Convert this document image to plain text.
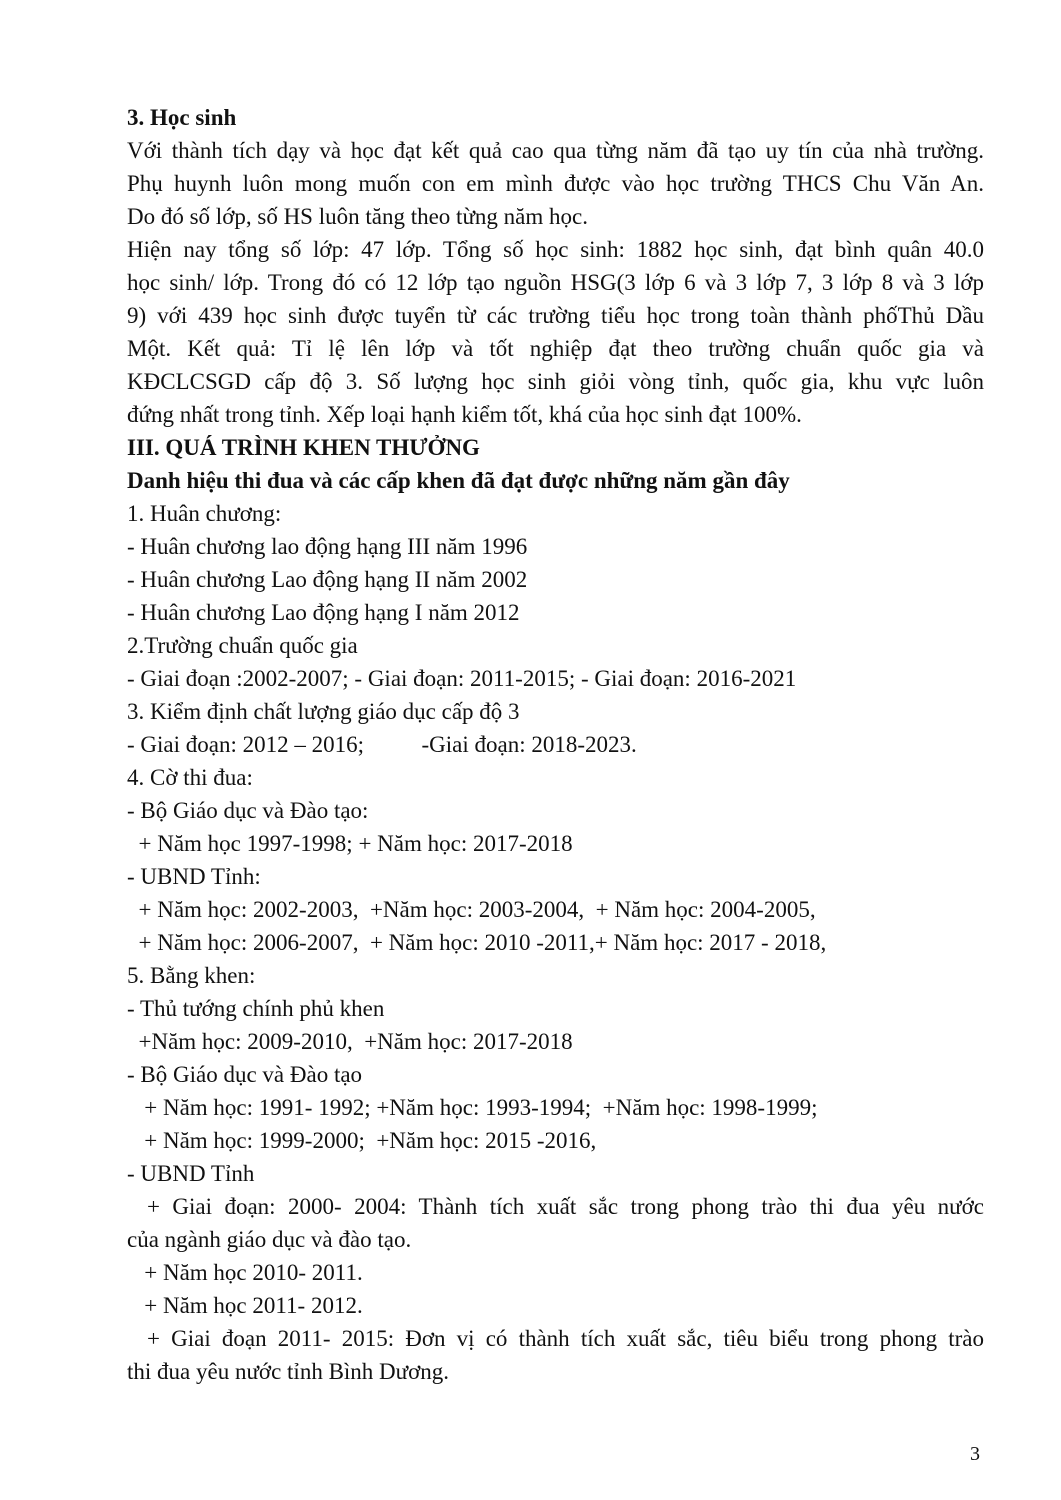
3. Học sinh
Với thành tích dạy và học đạt kết quả cao qua từng năm đã tạo uy tín của nhà trường.
Phụ huynh luôn mong muốn con em mình được vào học trường THCS Chu Văn An.
Do đó số lớp, số HS luôn tăng theo từng năm học.
Hiện nay tổng số lớp: 47 lớp. Tổng số học sinh: 1882 học sinh, đạt bình quân 40.0
học sinh/ lớp. Trong đó có 12 lớp tạo nguồn HSG(3 lớp 6 và 3 lớp 7, 3 lớp 8 và 3 lớp
9) với 439 học sinh được tuyển từ các trường tiểu học trong toàn thành phốThủ Dầu
Một. Kết quả: Tỉ lệ lên lớp và tốt nghiệp đạt theo trường chuẩn quốc gia và
KĐCLCSGD cấp độ 3. Số lượng học sinh giỏi vòng tỉnh, quốc gia, khu vực luôn
đứng nhất trong tỉnh. Xếp loại hạnh kiểm tốt, khá của học sinh đạt 100%.
III. QUÁ TRÌNH KHEN THƯỞNG
Danh hiệu thi đua và các cấp khen đã đạt được những năm gần đây
1. Huân chương:
- Huân chương lao động hạng III năm 1996
- Huân chương Lao động hạng II năm 2002
- Huân chương Lao động hạng I năm 2012
2.Trường chuẩn quốc gia
- Giai đoạn :2002-2007; - Giai đoạn: 2011-2015; - Giai đoạn: 2016-2021
3. Kiểm định chất lượng giáo dục cấp độ 3
- Giai đoạn: 2012 – 2016;          -Giai đoạn: 2018-2023.
4. Cờ thi đua:
- Bộ Giáo dục và Đào tạo:
+ Năm học 1997-1998; + Năm học: 2017-2018
- UBND Tỉnh:
+ Năm học: 2002-2003,  +Năm học: 2003-2004,  + Năm học: 2004-2005,
+ Năm học: 2006-2007,  + Năm học: 2010 -2011,+ Năm học: 2017 - 2018,
5. Bằng khen:
- Thủ tướng chính phủ khen
+Năm học: 2009-2010,  +Năm học: 2017-2018
- Bộ Giáo dục và Đào tạo
+ Năm học: 1991- 1992; +Năm học: 1993-1994;  +Năm học: 1998-1999;
+ Năm học: 1999-2000;  +Năm học: 2015 -2016,
- UBND Tỉnh
+ Giai đoạn: 2000- 2004: Thành tích xuất sắc trong phong trào thi đua yêu nước
của ngành giáo dục và đào tạo.
+ Năm học 2010- 2011.
+ Năm học 2011- 2012.
+ Giai đoạn 2011- 2015: Đơn vị có thành tích xuất sắc, tiêu biểu trong phong trào
thi đua yêu nước tỉnh Bình Dương.
3
